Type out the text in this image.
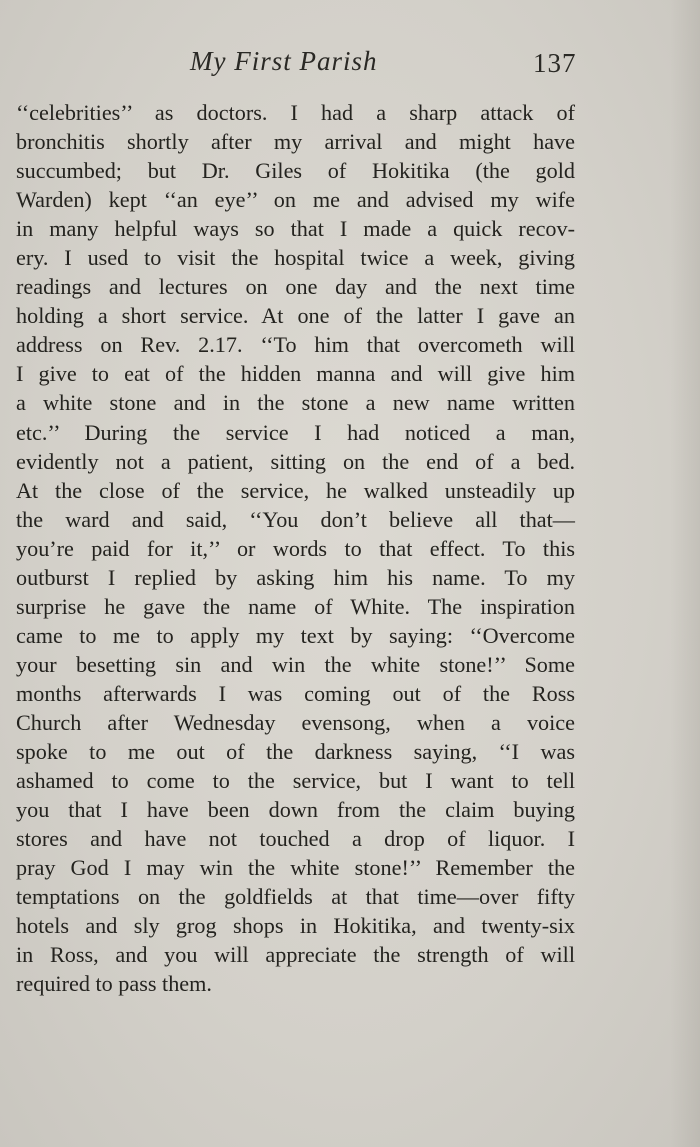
My First Parish	137
‘‘celebrities’’ as doctors. I had a sharp attack of
bronchitis shortly after my arrival and might have
succumbed; but Dr. Giles of Hokitika (the gold
Warden) kept ‘‘an eye’’ on me and advised my wife
in many helpful ways so that I made a quick recov-
ery. I used to visit the hospital twice a week, giving
readings and lectures on one day and the next time
holding a short service. At one of the latter I gave an
address on Rev. 2.17. ‘‘To him that overcometh will
I give to eat of the hidden manna and will give him
a white stone and in the stone a new name written
etc.’’ During the service I had noticed a man,
evidently not a patient, sitting on the end of a bed.
At the close of the service, he walked unsteadily up
the ward and said, ‘‘You don’t believe all that—
you’re paid for it,’’ or words to that effect. To this
outburst I replied by asking him his name. To my
surprise he gave the name of White. The inspiration
came to me to apply my text by saying: ‘‘Overcome
your besetting sin and win the white stone!’’ Some
months afterwards I was coming out of the Ross
Church after Wednesday evensong, when a voice
spoke to me out of the darkness saying, ‘‘I was
ashamed to come to the service, but I want to tell
you that I have been down from the claim buying
stores and have not touched a drop of liquor. I
pray God I may win the white stone!’’ Remember the
temptations on the goldfields at that time—over fifty
hotels and sly grog shops in Hokitika, and twenty-six
in Ross, and you will appreciate the strength of will
required to pass them.
